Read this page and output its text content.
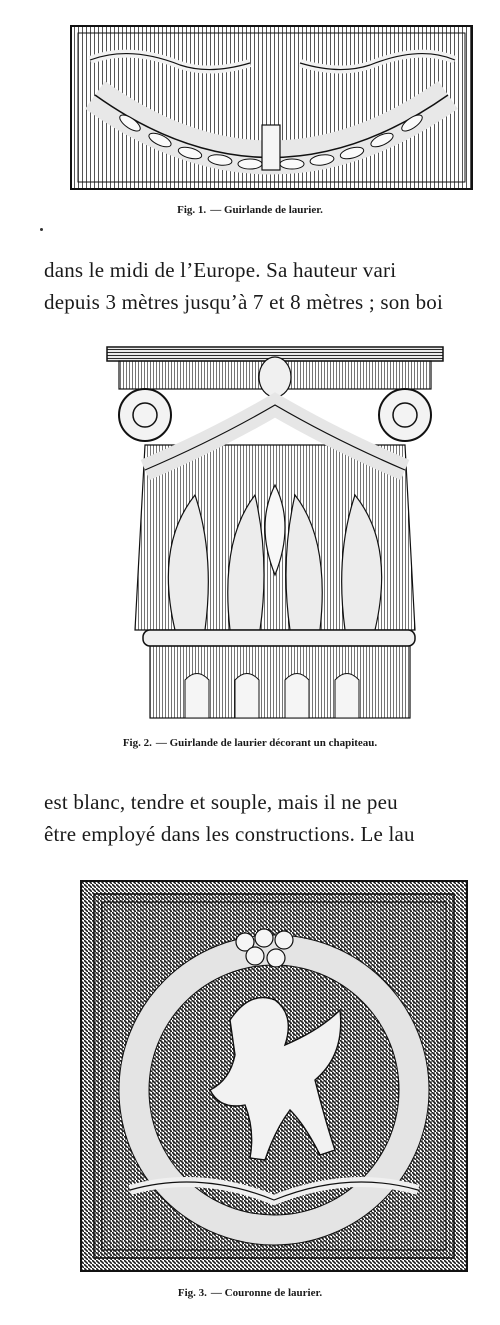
Fig. 1. — Guirlande de laurier.
dans le midi de l’Europe. Sa hauteur vari
depuis 3 mètres jusqu’à 7 et 8 mètres ; son boi
Fig. 2. — Guirlande de laurier décorant un chapiteau.
est blanc, tendre et souple, mais il ne peu
être employé dans les constructions. Le lau
Fig. 3. — Couronne de laurier.
